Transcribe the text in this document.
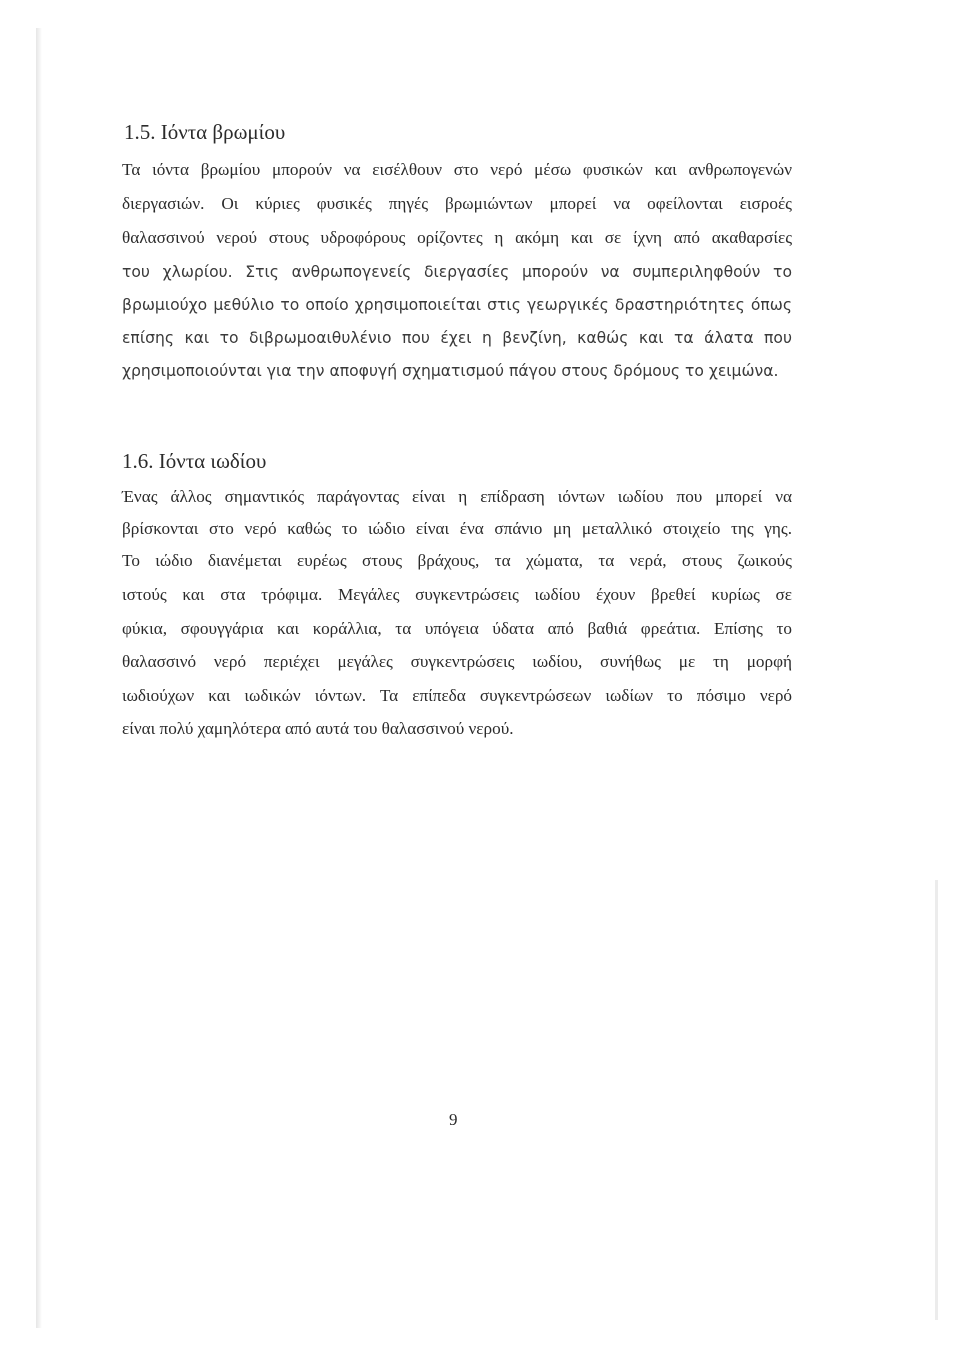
1.5. Ιόντα βρωμίου
Τα ιόντα βρωμίου μπορούν να εισέλθουν στο νερό μέσω φυσικών και ανθρωπογενών
διεργασιών. Οι κύριες φυσικές πηγές βρωμιώντων μπορεί να οφείλονται εισροές
θαλασσινού νερού στους υδροφόρους ορίζοντες η ακόμη και σε ίχνη από ακαθαρσίες
του χλωρίου. Στις ανθρωπογενείς διεργασίες μπορούν να συμπεριληφθούν το
βρωμιούχο μεθύλιο το οποίο χρησιμοποιείται στις γεωργικές δραστηριότητες όπως
επίσης και το διβρωμοαιθυλένιο που έχει η βενζίνη, καθώς και τα άλατα που
χρησιμοποιούνται για την αποφυγή σχηματισμού πάγου στους δρόμους το χειμώνα.
1.6. Ιόντα ιωδίου
Ένας άλλος σημαντικός παράγοντας είναι η επίδραση ιόντων ιωδίου που μπορεί να
βρίσκονται στο νερό καθώς το ιώδιο είναι ένα σπάνιο μη μεταλλικό στοιχείο της γης.
Το ιώδιο διανέμεται ευρέως στους βράχους, τα χώματα, τα νερά, στους ζωικούς
ιστούς και στα τρόφιμα. Μεγάλες συγκεντρώσεις ιωδίου έχουν βρεθεί κυρίως σε
φύκια, σφουγγάρια και κοράλλια, τα υπόγεια ύδατα από βαθιά φρεάτια. Επίσης το
θαλασσινό νερό περιέχει μεγάλες συγκεντρώσεις ιωδίου, συνήθως με τη μορφή
ιωδιούχων και ιωδικών ιόντων. Τα επίπεδα συγκεντρώσεων ιωδίων το πόσιμο νερό
είναι πολύ χαμηλότερα από αυτά του θαλασσινού νερού.
9
